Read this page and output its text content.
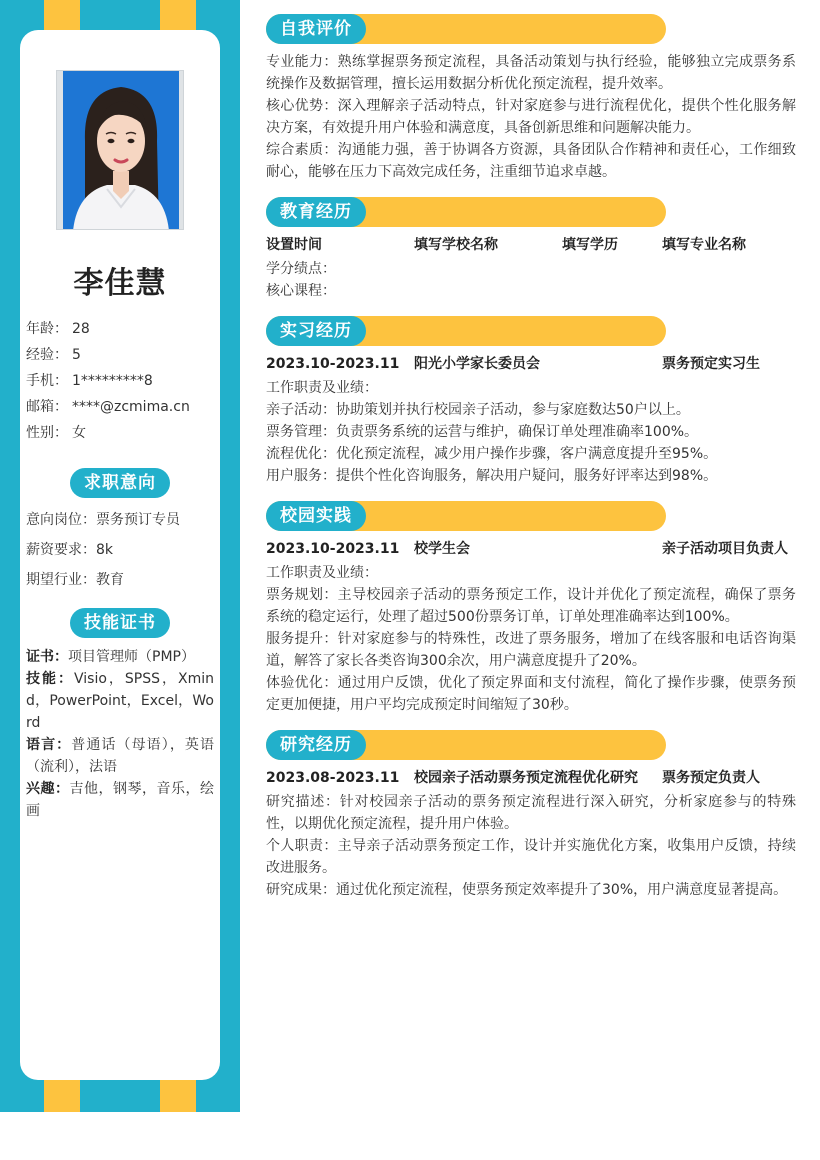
李佳慧
年龄： 28
经验： 5
手机： 1*********8
邮箱： ****@zcmima.cn
性别： 女
求职意向
意向岗位：票务预订专员
薪资要求：8k
期望行业：教育
技能证书
证书：项目管理师（PMP）
技能：Visio，SPSS，Xmind，PowerPoint，Excel，Word
语言：普通话（母语），英语（流利），法语
兴趣：吉他，钢琴，音乐，绘画
自我评价
专业能力：熟练掌握票务预定流程，具备活动策划与执行经验，能够独立完成票务系统操作及数据管理，擅长运用数据分析优化预定流程，提升效率。
核心优势：深入理解亲子活动特点，针对家庭参与进行流程优化，提供个性化服务解决方案，有效提升用户体验和满意度，具备创新思维和问题解决能力。
综合素质：沟通能力强，善于协调各方资源，具备团队合作精神和责任心，工作细致耐心，能够在压力下高效完成任务，注重细节追求卓越。
教育经历
设置时间	填写学校名称	填写学历	填写专业名称
学分绩点：
核心课程：
实习经历
2023.10-2023.11 阳光小学家长委员会	票务预定实习生
工作职责及业绩：
亲子活动：协助策划并执行校园亲子活动，参与家庭数达50户以上。
票务管理：负责票务系统的运营与维护，确保订单处理准确率100%。
流程优化：优化预定流程，减少用户操作步骤，客户满意度提升至95%。
用户服务：提供个性化咨询服务，解决用户疑问，服务好评率达到98%。
校园实践
2023.10-2023.11 校学生会	亲子活动项目负责人
工作职责及业绩：
票务规划：主导校园亲子活动的票务预定工作，设计并优化了预定流程，确保了票务系统的稳定运行，处理了超过500份票务订单，订单处理准确率达到100%。
服务提升：针对家庭参与的特殊性，改进了票务服务，增加了在线客服和电话咨询渠道，解答了家长各类咨询300余次，用户满意度提升了20%。
体验优化：通过用户反馈，优化了预定界面和支付流程，简化了操作步骤，使票务预定更加便捷，用户平均完成预定时间缩短了30秒。
研究经历
2023.08-2023.11 校园亲子活动票务预定流程优化研究 票务预定负责人
研究描述：针对校园亲子活动的票务预定流程进行深入研究，分析家庭参与的特殊性，以期优化预定流程，提升用户体验。
个人职责：主导亲子活动票务预定工作，设计并实施优化方案，收集用户反馈，持续改进服务。
研究成果：通过优化预定流程，使票务预定效率提升了30%，用户满意度显著提高。
